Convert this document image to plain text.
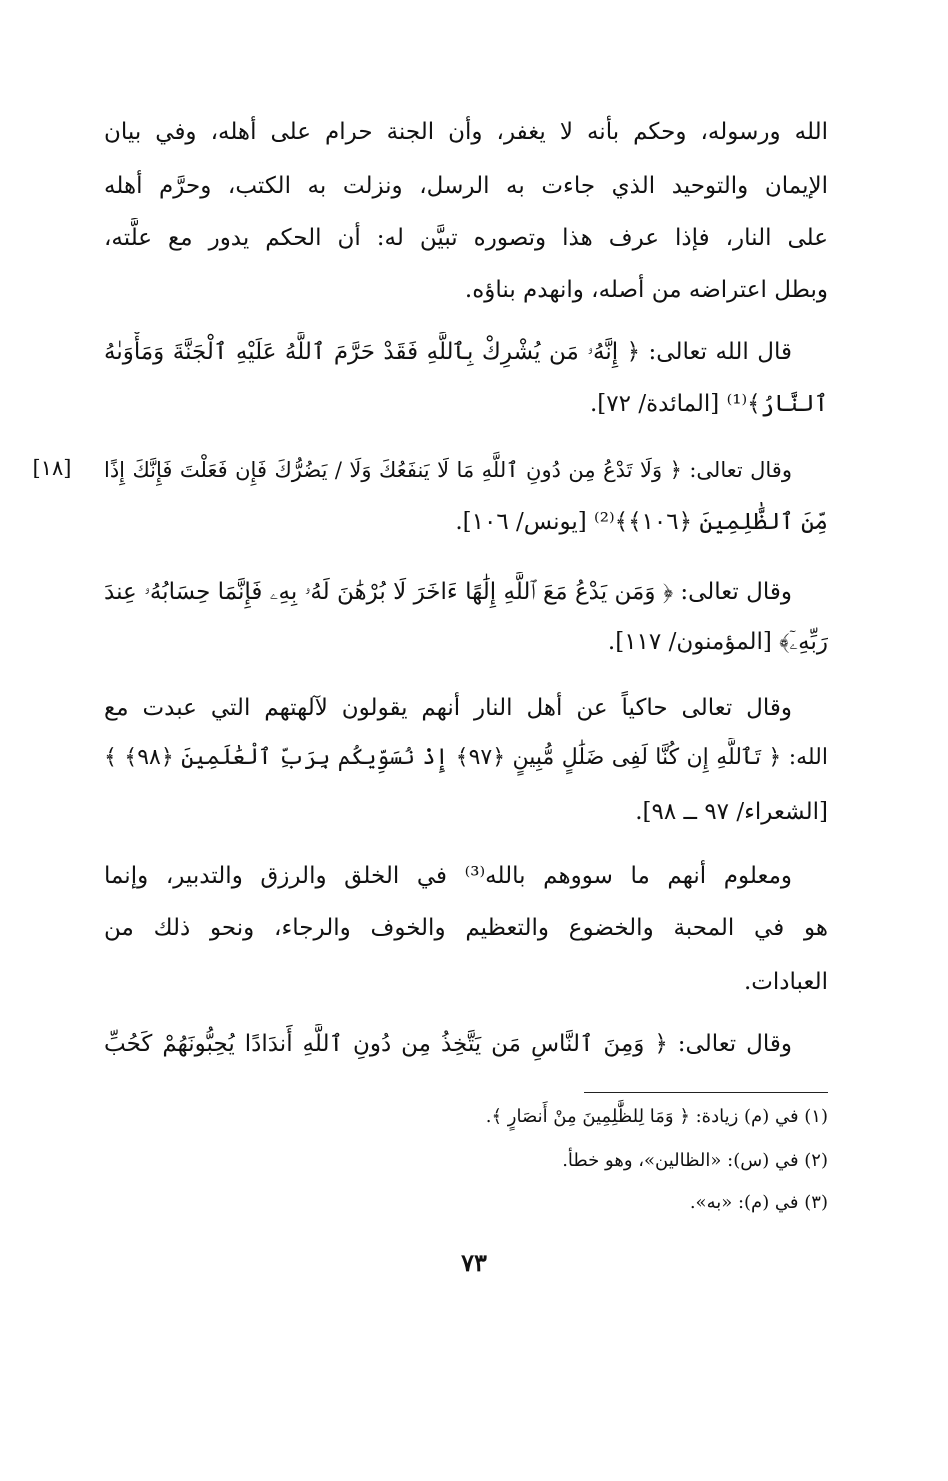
الله ورسوله، وحكم بأنه لا يغفر، وأن الجنة حرام على أهله، وفي بيان
الإيمان والتوحيد الذي جاءت به الرسل، ونزلت به الكتب، وحرَّم أهله
على النار، فإذا عرف هذا وتصوره تبيَّن له: أن الحكم يدور مع علَّته،
وبطل اعتراضه من أصله، وانهدم بناؤه.
قال الله تعالى: ﴿ إِنَّهُۥ مَن يُشْرِكْ بِٱللَّهِ فَقَدْ حَرَّمَ ٱللَّهُ عَلَيْهِ ٱلْجَنَّةَ وَمَأْوَىٰهُ
ٱلنَّارُ﴾⁽¹⁾ [المائدة/ ٧٢].
وقال تعالى: ﴿ وَلَا تَدْعُ مِن دُونِ ٱللَّهِ مَا لَا يَنفَعُكَ وَلَا / يَضُرُّكَ فَإِن فَعَلْتَ فَإِنَّكَ إِذًا
مِّنَ ٱلظَّٰلِمِينَ ﴿١٠٦﴾﴾⁽²⁾ [يونس/ ١٠٦].
[١٨]
وقال تعالى: ﴿ وَمَن يَدْعُ مَعَ ٱللَّهِ إِلَٰهًا ءَاخَرَ لَا بُرْهَٰنَ لَهُۥ بِهِۦ فَإِنَّمَا حِسَابُهُۥ عِندَ
رَبِّهِۦٓ﴾ [المؤمنون/ ١١٧].
وقال تعالى حاكياً عن أهل النار أنهم يقولون لآلهتهم التي عبدت مع
الله: ﴿ تَٱللَّهِ إِن كُنَّا لَفِى ضَلَٰلٍ مُّبِينٍ ﴿٩٧﴾ إِذْ نُسَوِّيكُم بِرَبِّ ٱلْعَٰلَمِينَ ﴿٩٨﴾ ﴾
[الشعراء/ ٩٧ ــ ٩٨].
ومعلوم أنهم ما سووهم بالله⁽³⁾ في الخلق والرزق والتدبير، وإنما
هو في المحبة والخضوع والتعظيم والخوف والرجاء، ونحو ذلك من
العبادات.
وقال تعالى: ﴿ وَمِنَ ٱلنَّاسِ مَن يَتَّخِذُ مِن دُونِ ٱللَّهِ أَندَادًا يُحِبُّونَهُمْ كَحُبِّ
(١) في (م) زيادة: ﴿ وَمَا لِلظَّٰلِمِينَ مِنْ أَنصَارٍ ﴾.
(٢) في (س): «الظالين»، وهو خطأ.
(٣) في (م): «به».
٧٣
